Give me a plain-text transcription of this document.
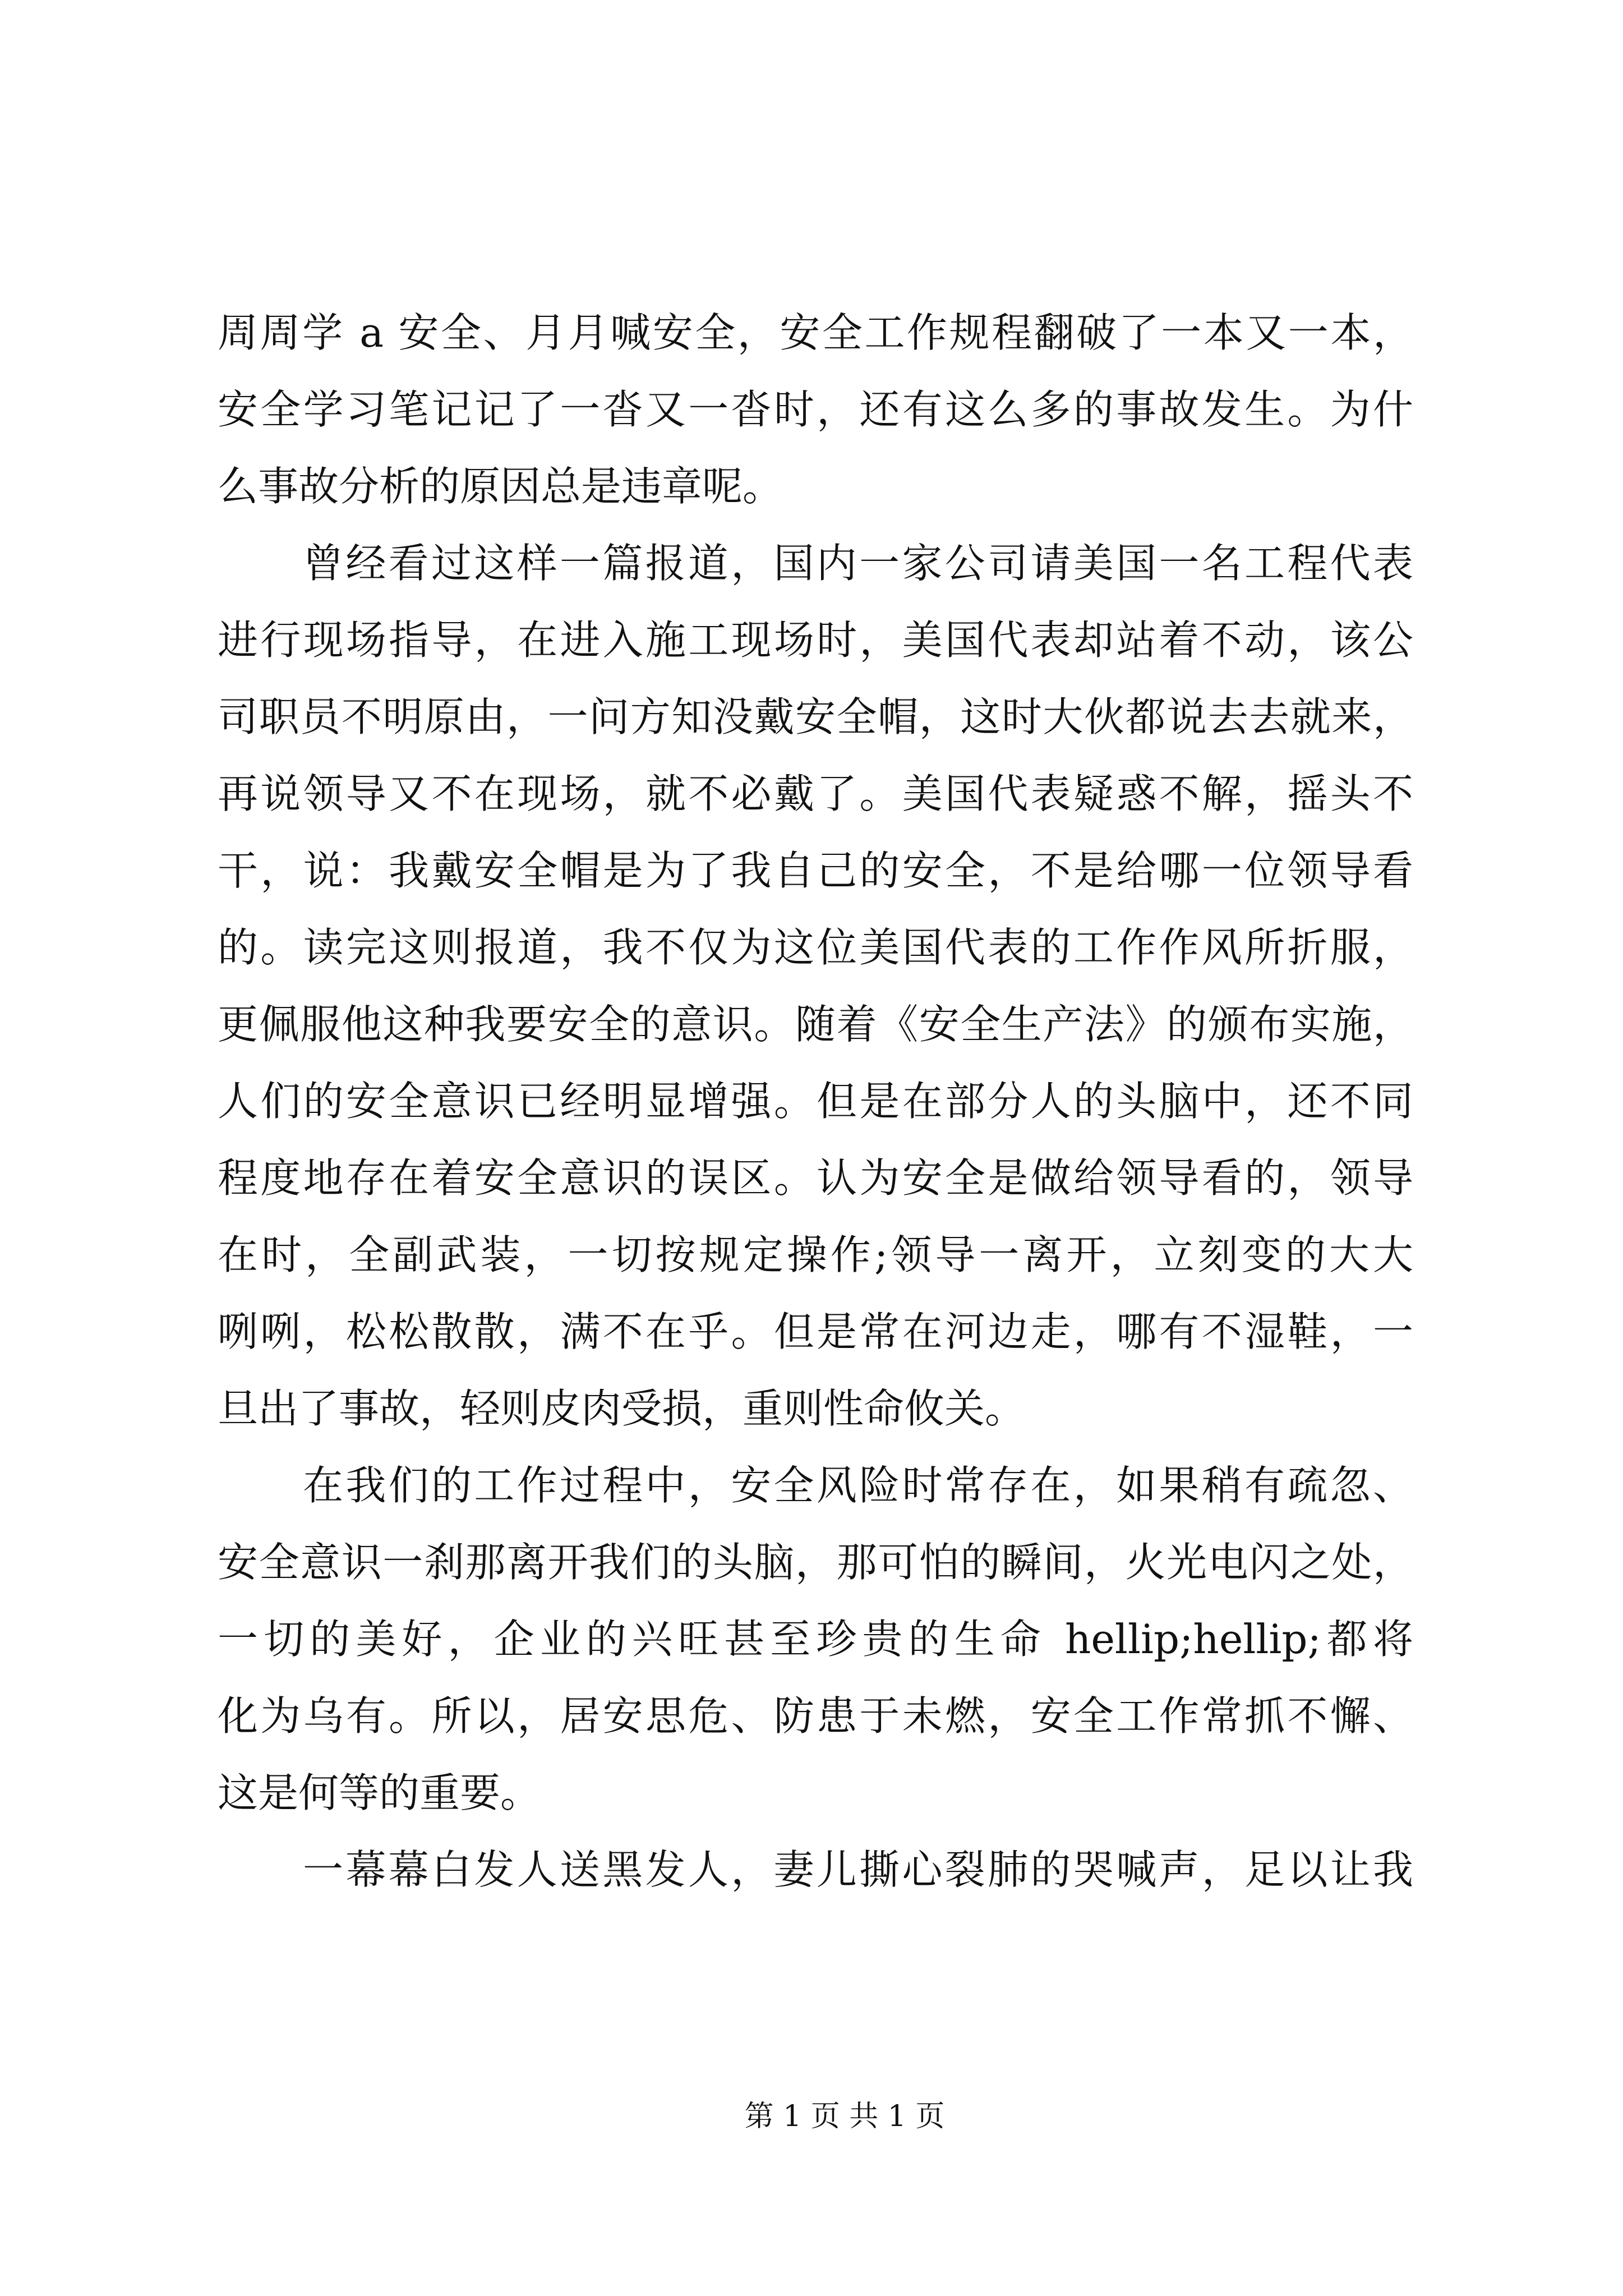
周周学 a 安全、月月喊安全，安全工作规程翻破了一本又一本，
安全学习笔记记了一沓又一沓时，还有这么多的事故发生。为什
么事故分析的原因总是违章呢。
曾经看过这样一篇报道，国内一家公司请美国一名工程代表
进行现场指导，在进入施工现场时，美国代表却站着不动，该公
司职员不明原由，一问方知没戴安全帽，这时大伙都说去去就来，
再说领导又不在现场，就不必戴了。美国代表疑惑不解，摇头不
干，说：我戴安全帽是为了我自己的安全，不是给哪一位领导看
的。读完这则报道，我不仅为这位美国代表的工作作风所折服，
更佩服他这种我要安全的意识。随着《安全生产法》的颁布实施，
人们的安全意识已经明显增强。但是在部分人的头脑中，还不同
程度地存在着安全意识的误区。认为安全是做给领导看的，领导
在时，全副武装，一切按规定操作;领导一离开，立刻变的大大
咧咧，松松散散，满不在乎。但是常在河边走，哪有不湿鞋，一
旦出了事故，轻则皮肉受损，重则性命攸关。
在我们的工作过程中，安全风险时常存在，如果稍有疏忽、
安全意识一刹那离开我们的头脑，那可怕的瞬间，火光电闪之处，
一切的美好，企业的兴旺甚至珍贵的生命 hellip;hellip;都将
化为乌有。所以，居安思危、防患于未燃，安全工作常抓不懈、
这是何等的重要。
一幕幕白发人送黑发人，妻儿撕心裂肺的哭喊声，足以让我
第 1 页 共 1 页
